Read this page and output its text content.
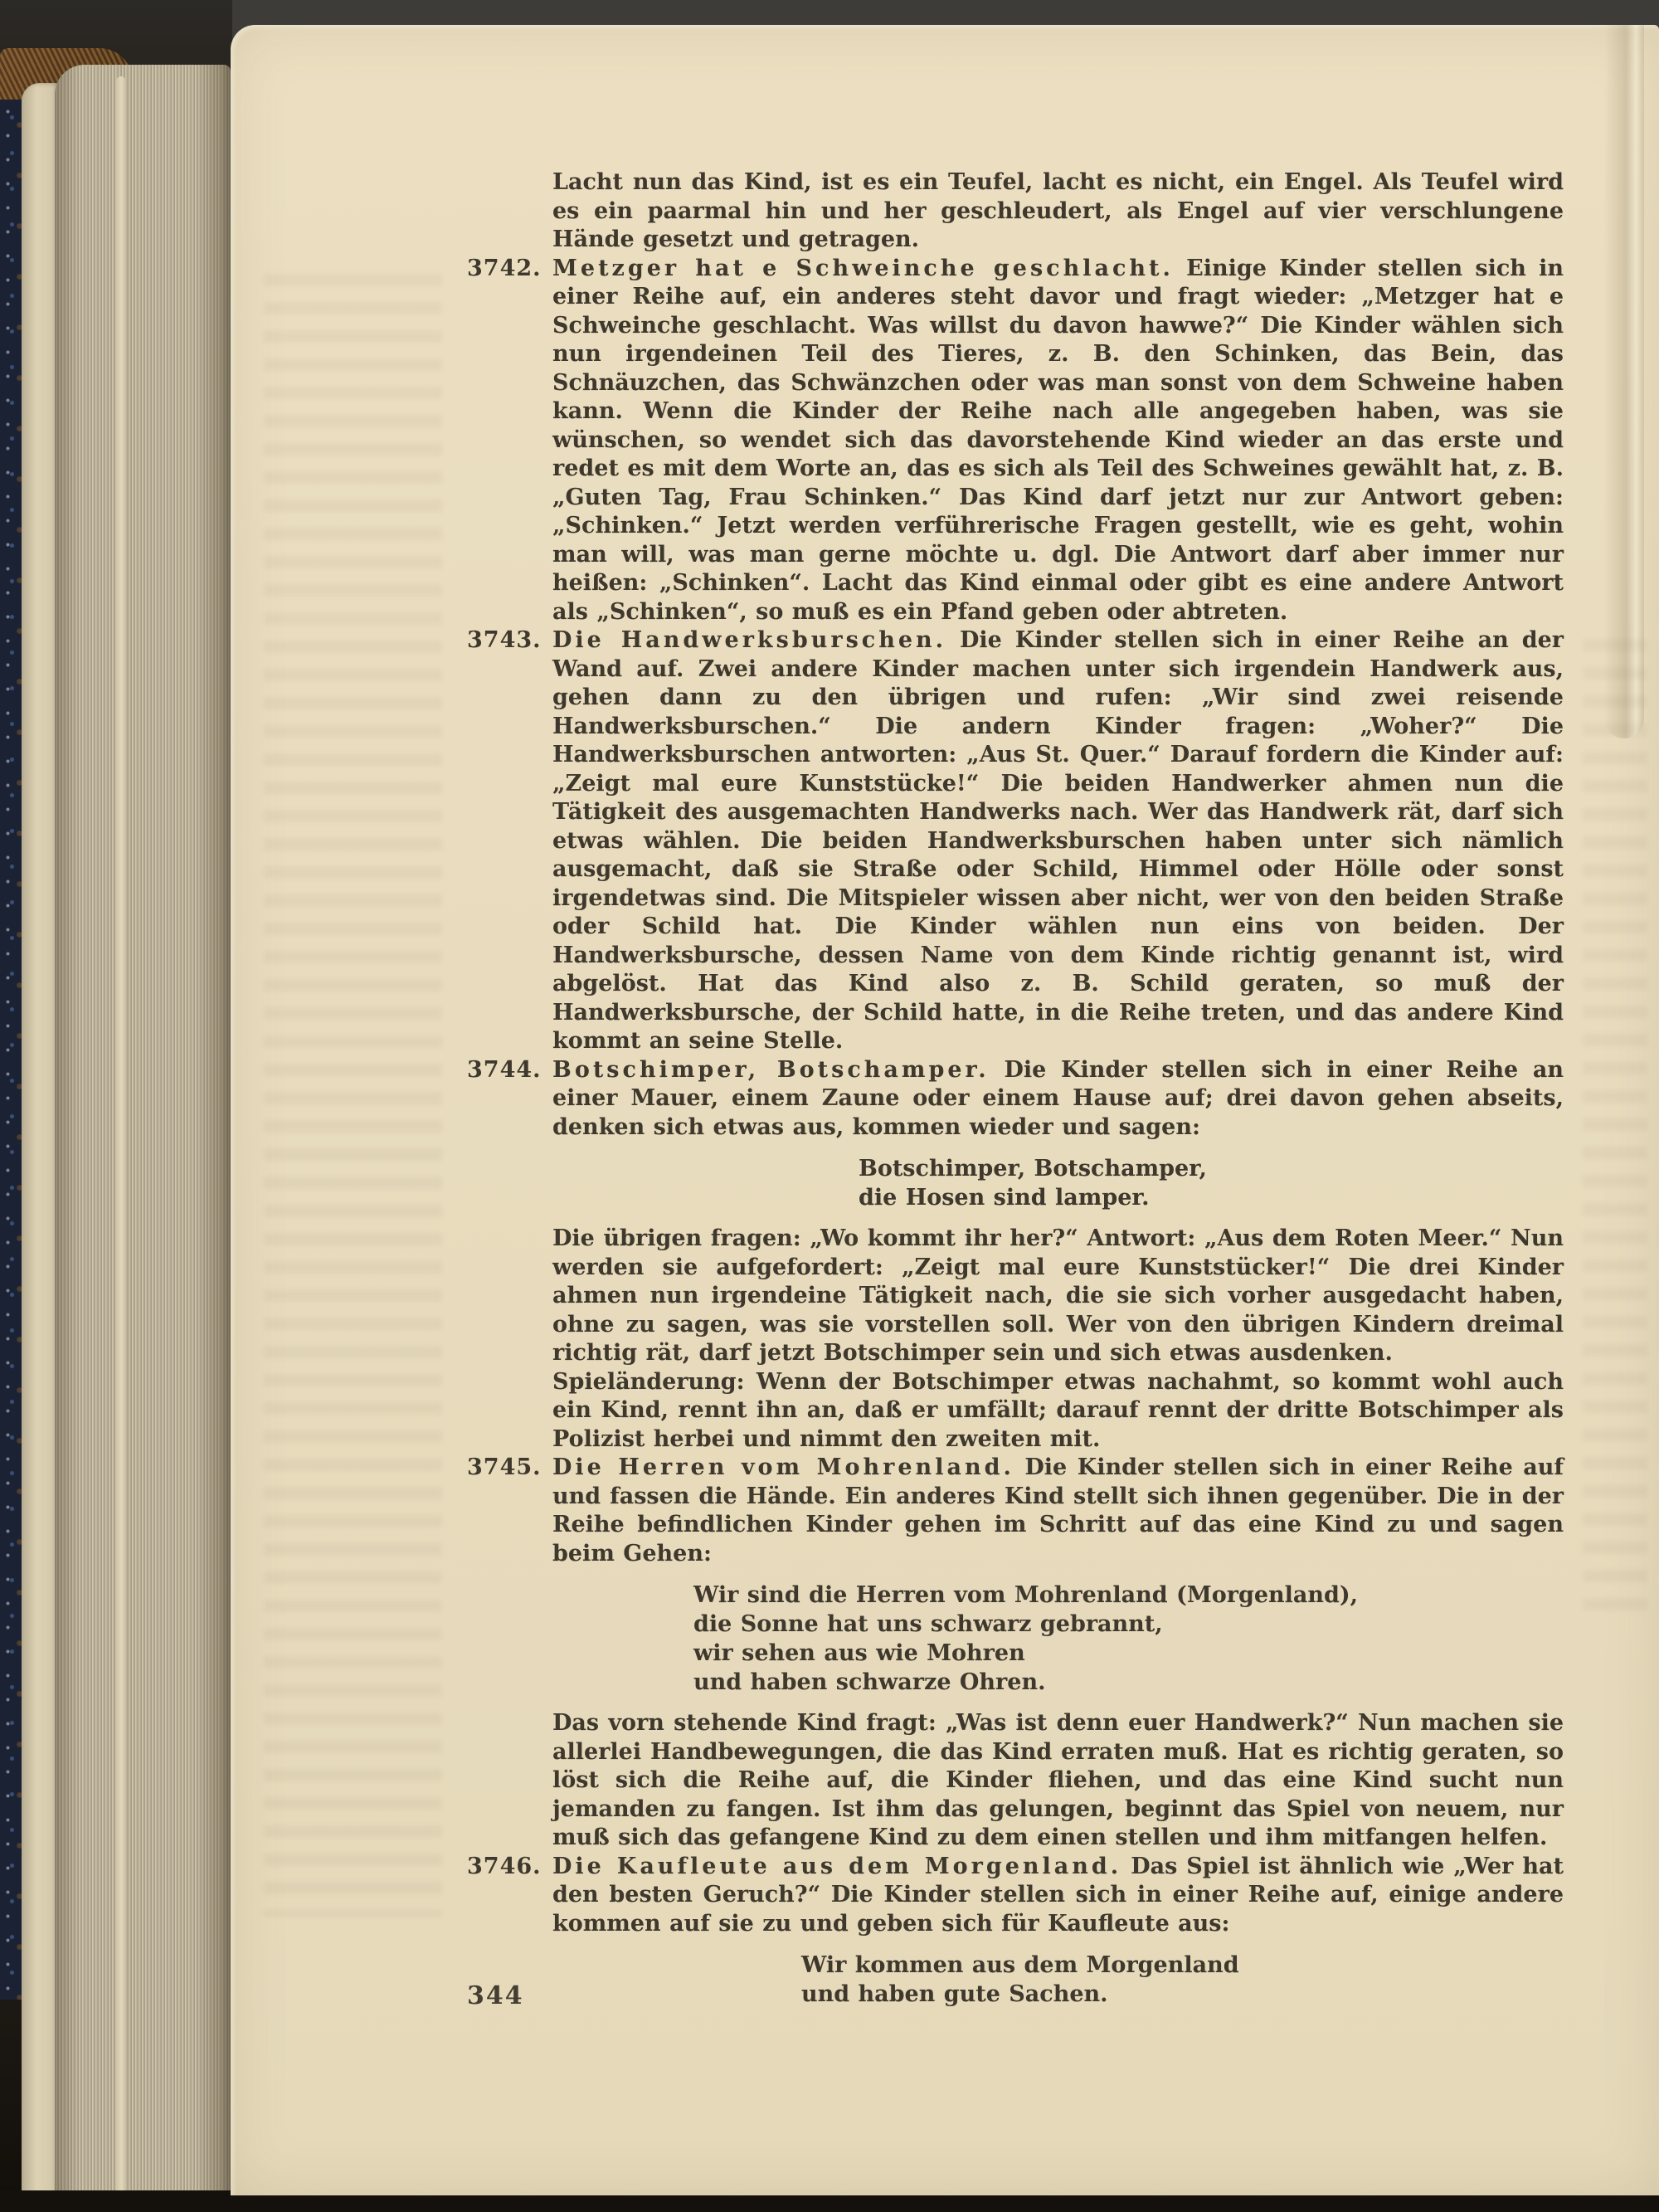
Lacht nun das Kind, ist es ein Teufel, lacht es nicht, ein Engel. Als Teufel wird es ein paarmal hin und her geschleudert, als Engel auf vier verschlungene Hände gesetzt und getragen.
3742. Metzger hat e Schweinche geschlacht. Einige Kinder stellen sich in einer Reihe auf, ein anderes steht davor und fragt wieder: „Metzger hat e Schweinche geschlacht. Was willst du davon hawwe?“ Die Kinder wählen sich nun irgendeinen Teil des Tieres, z. B. den Schinken, das Bein, das Schnäuzchen, das Schwänzchen oder was man sonst von dem Schweine haben kann. Wenn die Kinder der Reihe nach alle angegeben haben, was sie wünschen, so wendet sich das davorstehende Kind wieder an das erste und redet es mit dem Worte an, das es sich als Teil des Schweines gewählt hat, z. B. „Guten Tag, Frau Schinken.“ Das Kind darf jetzt nur zur Antwort geben: „Schinken.“ Jetzt werden verführerische Fragen gestellt, wie es geht, wohin man will, was man gerne möchte u. dgl. Die Antwort darf aber immer nur heißen: „Schinken“. Lacht das Kind einmal oder gibt es eine andere Antwort als „Schinken“, so muß es ein Pfand geben oder abtreten.
3743. Die Handwerksburschen. Die Kinder stellen sich in einer Reihe an der Wand auf. Zwei andere Kinder machen unter sich irgendein Handwerk aus, gehen dann zu den übrigen und rufen: „Wir sind zwei reisende Handwerksburschen.“ Die andern Kinder fragen: „Woher?“ Die Handwerksburschen antworten: „Aus St. Quer.“ Darauf fordern die Kinder auf: „Zeigt mal eure Kunststücke!“ Die beiden Handwerker ahmen nun die Tätigkeit des ausgemachten Handwerks nach. Wer das Handwerk rät, darf sich etwas wählen. Die beiden Handwerksburschen haben unter sich nämlich ausgemacht, daß sie Straße oder Schild, Himmel oder Hölle oder sonst irgendetwas sind. Die Mitspieler wissen aber nicht, wer von den beiden Straße oder Schild hat. Die Kinder wählen nun eins von beiden. Der Handwerksbursche, dessen Name von dem Kinde richtig genannt ist, wird abgelöst. Hat das Kind also z. B. Schild geraten, so muß der Handwerksbursche, der Schild hatte, in die Reihe treten, und das andere Kind kommt an seine Stelle.
3744. Botschimper, Botschamper. Die Kinder stellen sich in einer Reihe an einer Mauer, einem Zaune oder einem Hause auf; drei davon gehen abseits, denken sich etwas aus, kommen wieder und sagen:
Botschimper, Botschamper,
die Hosen sind lamper.
Die übrigen fragen: „Wo kommt ihr her?“ Antwort: „Aus dem Roten Meer.“ Nun werden sie aufgefordert: „Zeigt mal eure Kunststücker!“ Die drei Kinder ahmen nun irgendeine Tätigkeit nach, die sie sich vorher ausgedacht haben, ohne zu sagen, was sie vorstellen soll. Wer von den übrigen Kindern dreimal richtig rät, darf jetzt Botschimper sein und sich etwas ausdenken.
Spieländerung: Wenn der Botschimper etwas nachahmt, so kommt wohl auch ein Kind, rennt ihn an, daß er umfällt; darauf rennt der dritte Botschimper als Polizist herbei und nimmt den zweiten mit.
3745. Die Herren vom Mohrenland. Die Kinder stellen sich in einer Reihe auf und fassen die Hände. Ein anderes Kind stellt sich ihnen gegenüber. Die in der Reihe befindlichen Kinder gehen im Schritt auf das eine Kind zu und sagen beim Gehen:
Wir sind die Herren vom Mohrenland (Morgenland),
die Sonne hat uns schwarz gebrannt,
wir sehen aus wie Mohren
und haben schwarze Ohren.
Das vorn stehende Kind fragt: „Was ist denn euer Handwerk?“ Nun machen sie allerlei Handbewegungen, die das Kind erraten muß. Hat es richtig geraten, so löst sich die Reihe auf, die Kinder fliehen, und das eine Kind sucht nun jemanden zu fangen. Ist ihm das gelungen, beginnt das Spiel von neuem, nur muß sich das gefangene Kind zu dem einen stellen und ihm mitfangen helfen.
3746. Die Kaufleute aus dem Morgenland. Das Spiel ist ähnlich wie „Wer hat den besten Geruch?“ Die Kinder stellen sich in einer Reihe auf, einige andere kommen auf sie zu und geben sich für Kaufleute aus:
Wir kommen aus dem Morgenland
und haben gute Sachen.
344
